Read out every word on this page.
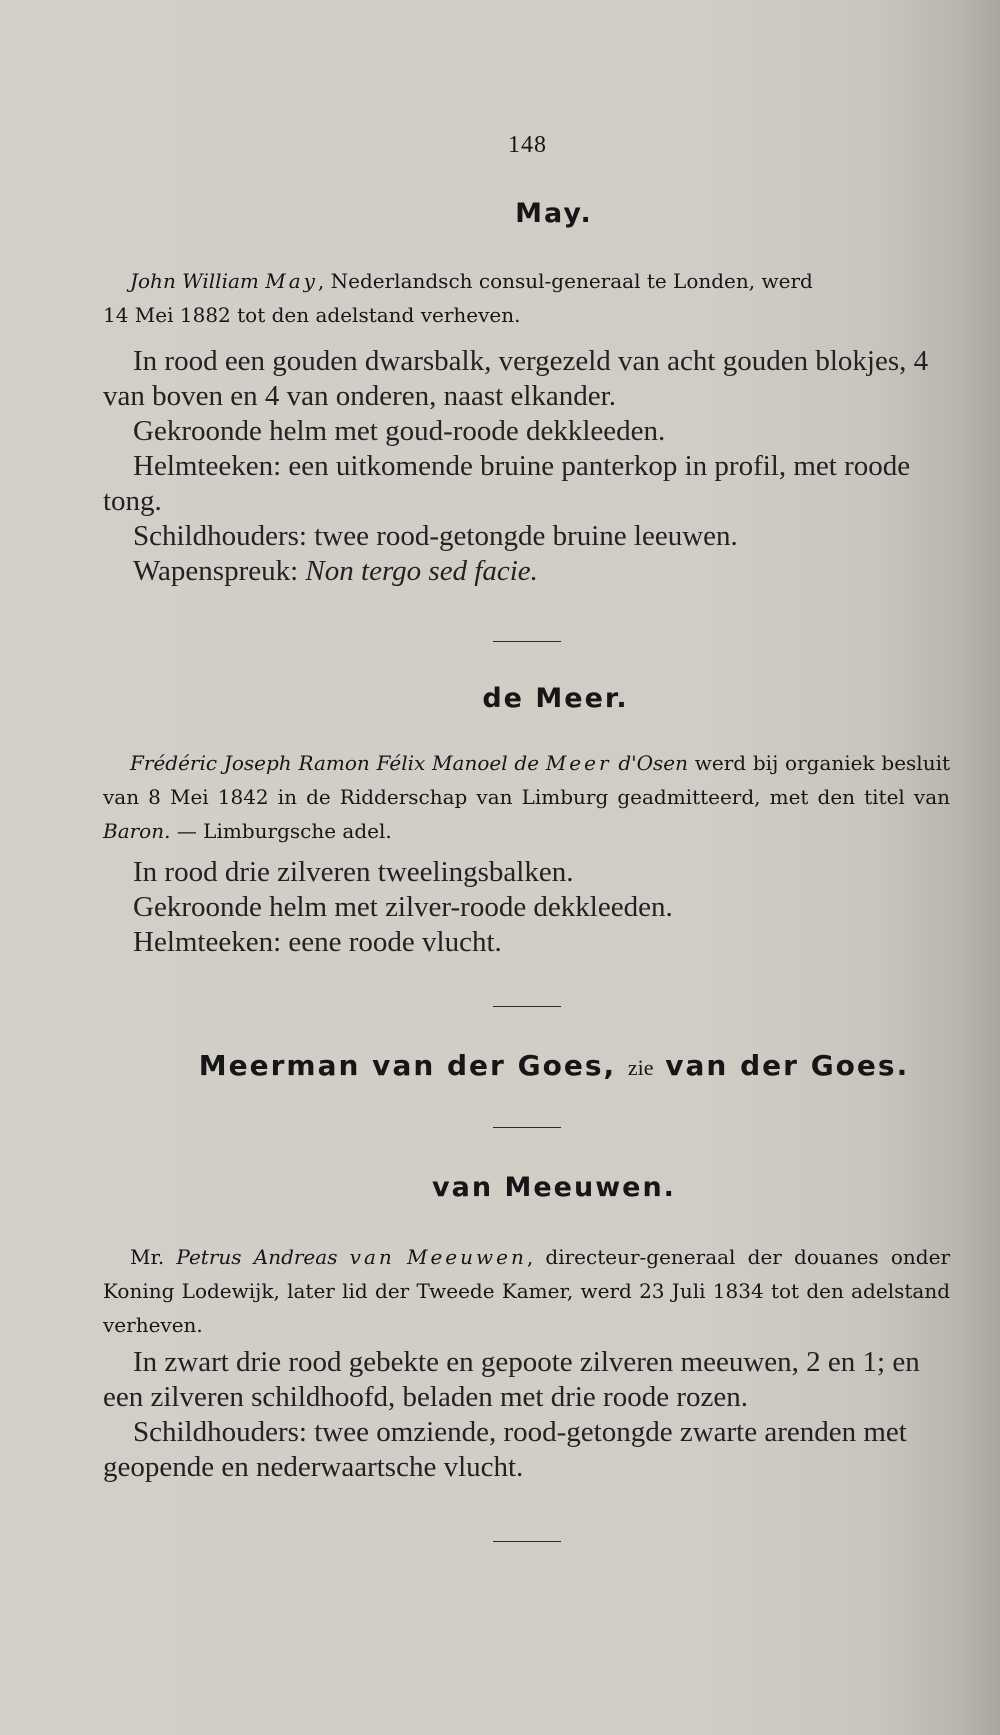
148
May.

John William May, Nederlandsch consul-generaal te Londen, werd
14 Mei 1882 tot den adelstand verheven.

In rood een gouden dwarsbalk, vergezeld van acht gouden blokjes, 4 van boven en 4 van onderen, naast elkander.

Gekroonde helm met goud-roode dekkleeden.

Helmteeken: een uitkomende bruine panterkop in profil, met roode tong.

Schildhouders: twee rood-getongde bruine leeuwen.

Wapenspreuk: Non tergo sed facie.

de Meer.

Frédéric Joseph Ramon Félix Manoel de Meer d'Osen werd bij organiek besluit van 8 Mei 1842 in de Ridderschap van Limburg geadmitteerd, met den titel van Baron. — Limburgsche adel.

In rood drie zilveren tweelingsbalken.

Gekroonde helm met zilver-roode dekkleeden.

Helmteeken: eene roode vlucht.

Meerman van der Goes, zie van der Goes.
van Meeuwen.

Mr. Petrus Andreas van Meeuwen, directeur-generaal der douanes onder Koning Lodewijk, later lid der Tweede Kamer, werd 23 Juli 1834 tot den adelstand verheven.

In zwart drie rood gebekte en gepoote zilveren meeuwen, 2 en 1; en een zilveren schildhoofd, beladen met drie roode rozen.

Schildhouders: twee omziende, rood-getongde zwarte arenden met geopende en nederwaartsche vlucht.
